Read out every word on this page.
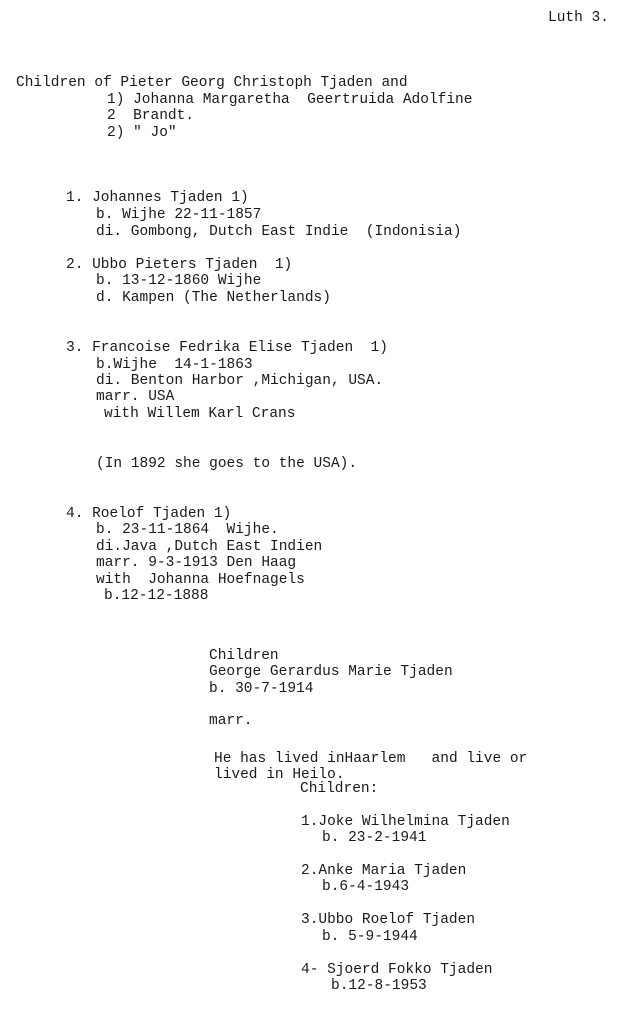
Luth 3.
Children of Pieter Georg Christoph Tjaden and
1) Johanna Margaretha  Geertruida Adolfine
2  Brandt.
2) " Jo"
1. Johannes Tjaden 1)
b. Wijhe 22-11-1857
di. Gombong, Dutch East Indie  (Indonisia)
2. Ubbo Pieters Tjaden  1)
b. 13-12-1860 Wijhe
d. Kampen (The Netherlands)
3. Francoise Fedrika Elise Tjaden  1)
b.Wijhe  14-1-1863
di. Benton Harbor ,Michigan, USA.
marr. USA
with Willem Karl Crans
(In 1892 she goes to the USA).
4. Roelof Tjaden 1)
b. 23-11-1864  Wijhe.
di.Java ,Dutch East Indien
marr. 9-3-1913 Den Haag
with  Johanna Hoefnagels
b.12-12-1888
Children
George Gerardus Marie Tjaden
b. 30-7-1914
marr.
He has lived inHaarlem   and live or
lived in Heilo.
Children:
1.Joke Wilhelmina Tjaden
b. 23-2-1941
2.Anke Maria Tjaden
b.6-4-1943
3.Ubbo Roelof Tjaden
b. 5-9-1944
4- Sjoerd Fokko Tjaden
b.12-8-1953
